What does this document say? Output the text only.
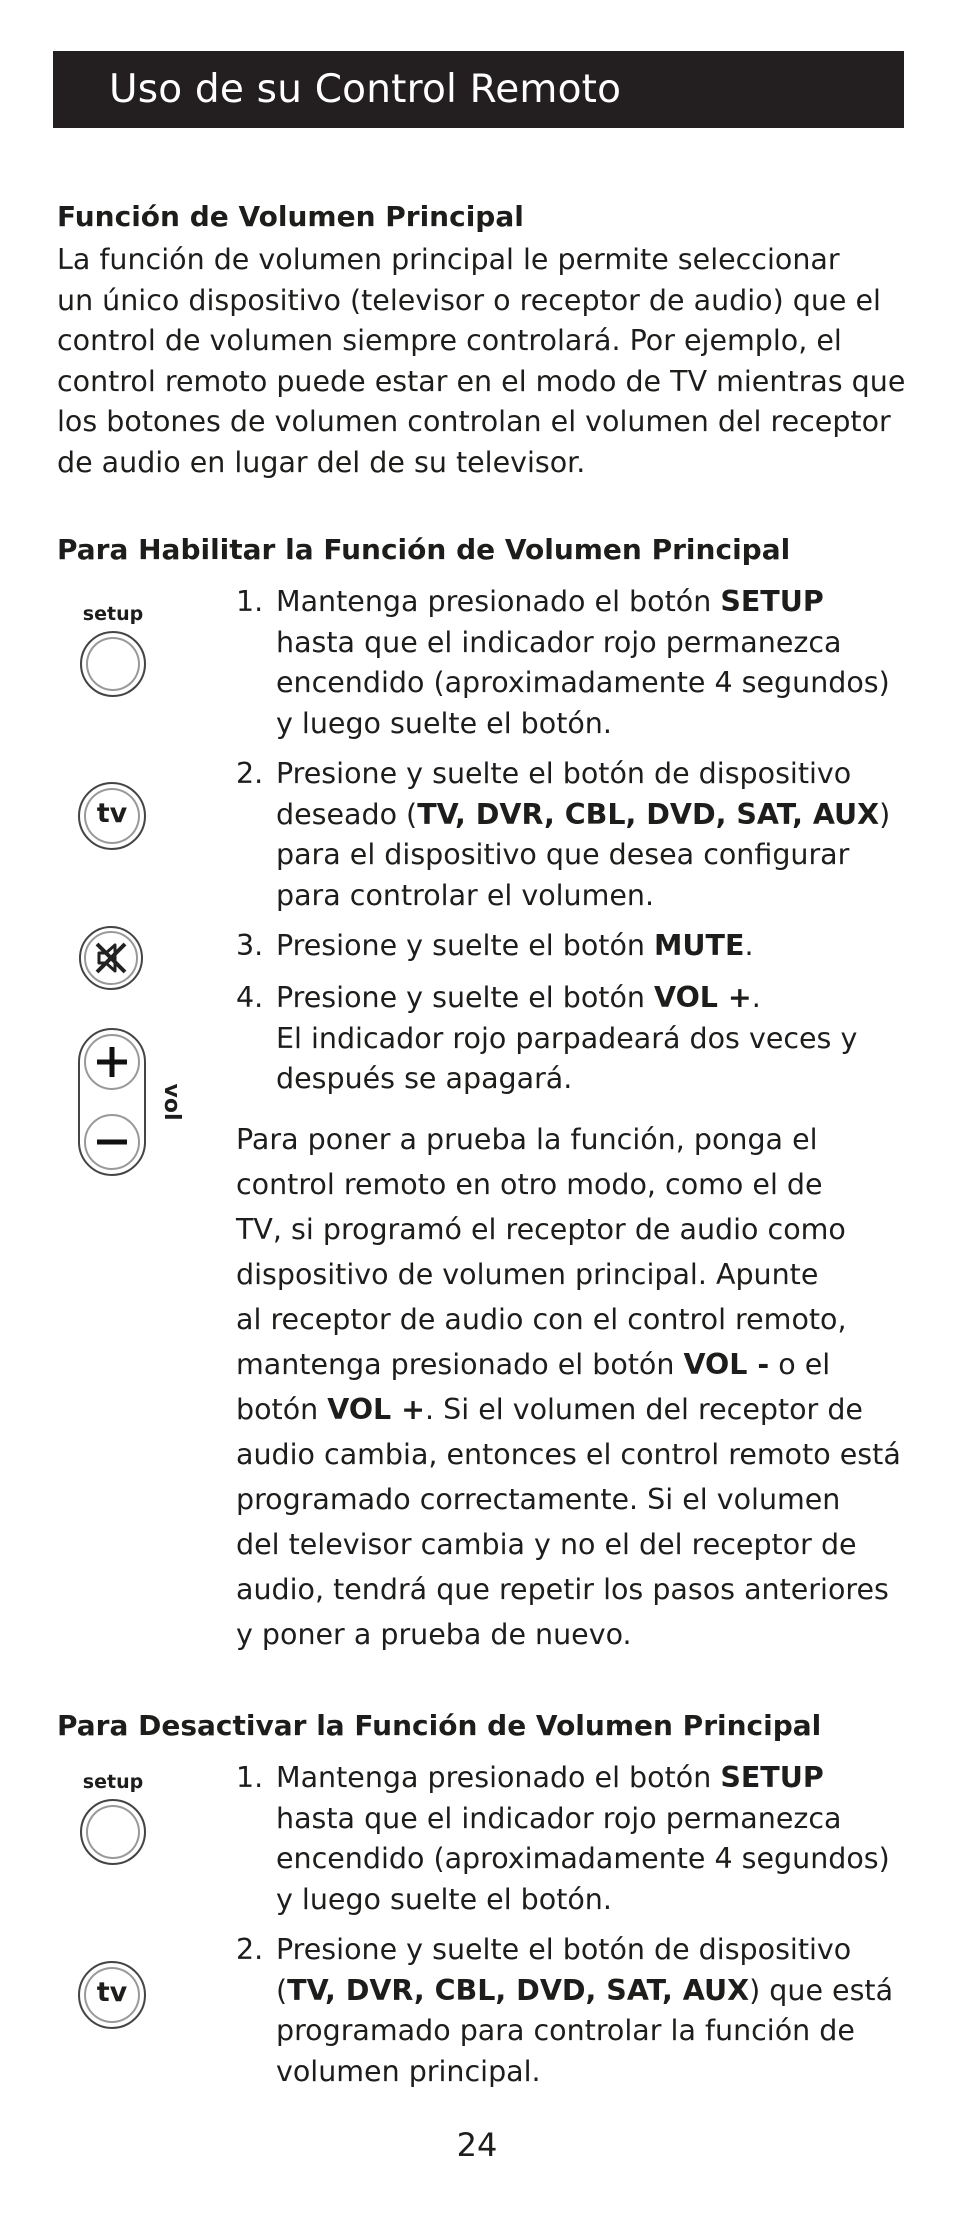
Uso de su Control Remoto
Función de Volumen Principal
La función de volumen principal le permite seleccionar
un único dispositivo (televisor o receptor de audio) que el
control de volumen siempre controlará. Por ejemplo, el
control remoto puede estar en el modo de TV mientras que
los botones de volumen controlan el volumen del receptor
de audio en lugar del de su televisor.
Para Habilitar la Función de Volumen Principal
setup
tv
vol
1. Mantenga presionado el botón SETUP
hasta que el indicador rojo permanezca
encendido (aproximadamente 4 segundos)
y luego suelte el botón.
2. Presione y suelte el botón de dispositivo
deseado (TV, DVR, CBL, DVD, SAT, AUX)
para el dispositivo que desea configurar
para controlar el volumen.
3. Presione y suelte el botón MUTE.
4. Presione y suelte el botón VOL +.
El indicador rojo parpadeará dos veces y
después se apagará.
Para poner a prueba la función, ponga el
control remoto en otro modo, como el de
TV, si programó el receptor de audio como
dispositivo de volumen principal. Apunte
al receptor de audio con el control remoto,
mantenga presionado el botón VOL - o el
botón VOL +. Si el volumen del receptor de
audio cambia, entonces el control remoto está
programado correctamente. Si el volumen
del televisor cambia y no el del receptor de
audio, tendrá que repetir los pasos anteriores
y poner a prueba de nuevo.
Para Desactivar la Función de Volumen Principal
setup
tv
1. Mantenga presionado el botón SETUP
hasta que el indicador rojo permanezca
encendido (aproximadamente 4 segundos)
y luego suelte el botón.
2. Presione y suelte el botón de dispositivo
(TV, DVR, CBL, DVD, SAT, AUX) que está
programado para controlar la función de
volumen principal.
24
